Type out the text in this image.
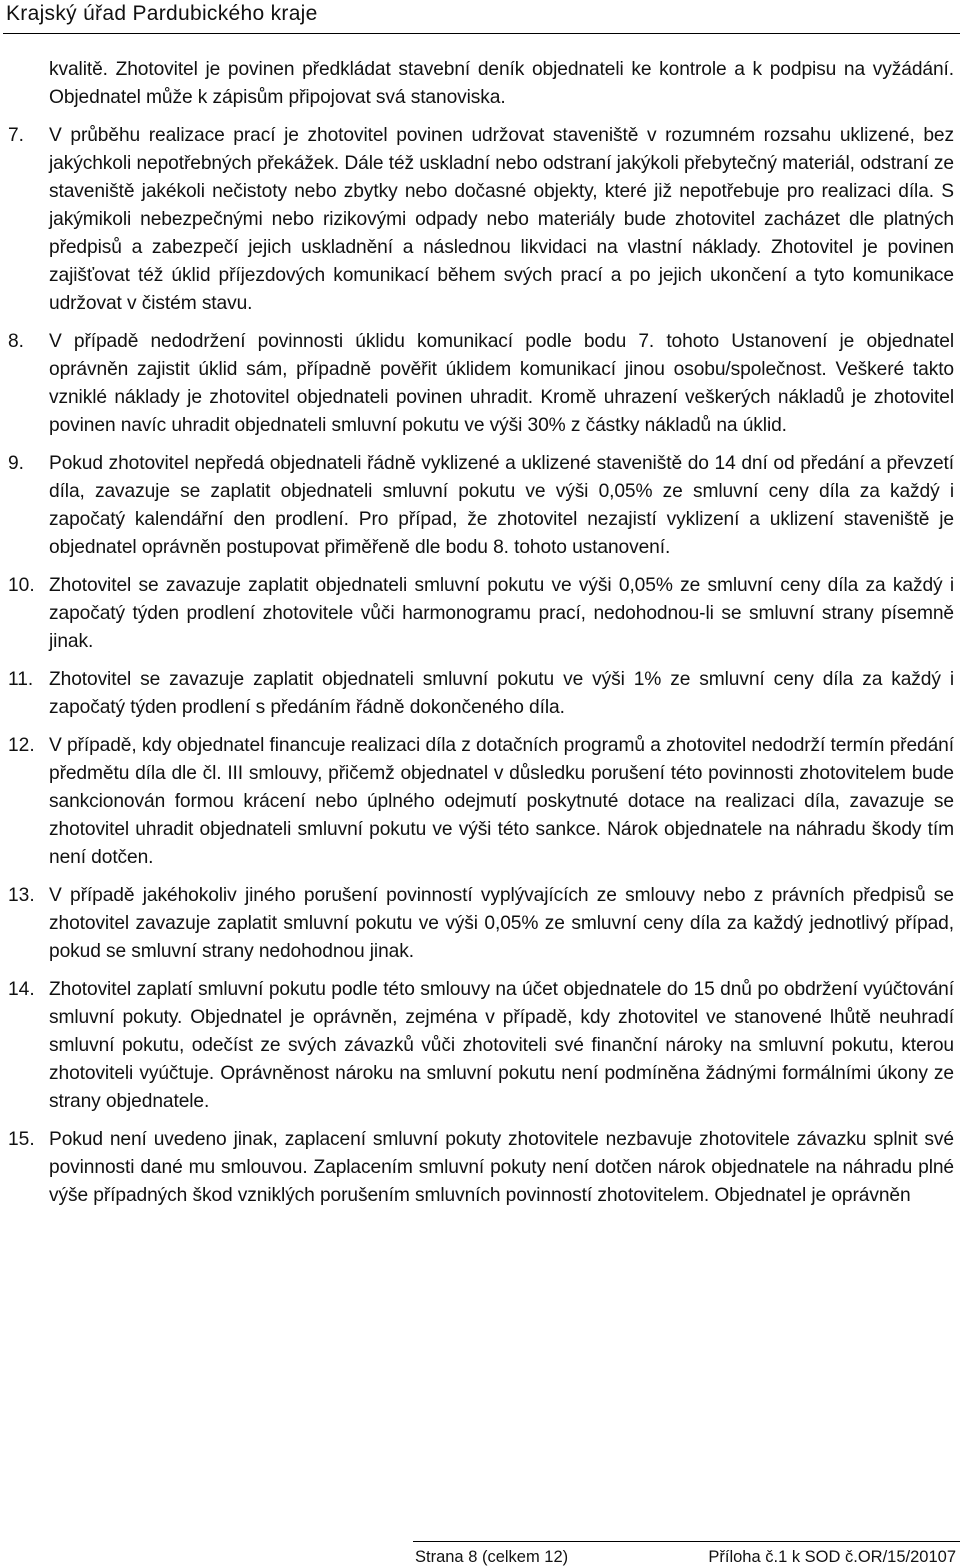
Krajský úřad Pardubického kraje
kvalitě. Zhotovitel je povinen předkládat stavební deník objednateli ke kontrole a k podpisu na vyžádání. Objednatel může k zápisům připojovat svá stanoviska.
7. V průběhu realizace prací je zhotovitel povinen udržovat staveniště v rozumném rozsahu uklizené, bez jakýchkoli nepotřebných překážek. Dále též uskladní nebo odstraní jakýkoli přebytečný materiál, odstraní ze staveniště jakékoli nečistoty nebo zbytky nebo dočasné objekty, které již nepotřebuje pro realizaci díla. S jakýmikoli nebezpečnými nebo rizikovými odpady nebo materiály bude zhotovitel zacházet dle platných předpisů a zabezpečí jejich uskladnění a následnou likvidaci na vlastní náklady. Zhotovitel je povinen zajišťovat též úklid příjezdových komunikací během svých prací a po jejich ukončení a tyto komunikace udržovat v čistém stavu.
8. V případě nedodržení povinnosti úklidu komunikací podle bodu 7. tohoto Ustanovení je objednatel oprávněn zajistit úklid sám, případně pověřit úklidem komunikací jinou osobu/společnost. Veškeré takto vzniklé náklady je zhotovitel objednateli povinen uhradit. Kromě uhrazení veškerých nákladů je zhotovitel povinen navíc uhradit objednateli smluvní pokutu ve výši 30% z částky nákladů na úklid.
9. Pokud zhotovitel nepředá objednateli řádně vyklizené a uklizené staveniště do 14 dní od předání a převzetí díla, zavazuje se zaplatit objednateli smluvní pokutu ve výši 0,05% ze smluvní ceny díla za každý i započatý kalendářní den prodlení. Pro případ, že zhotovitel nezajistí vyklizení a uklizení staveniště je objednatel oprávněn postupovat přiměřeně dle bodu 8. tohoto ustanovení.
10. Zhotovitel se zavazuje zaplatit objednateli smluvní pokutu ve výši 0,05% ze smluvní ceny díla za každý i započatý týden prodlení zhotovitele vůči harmonogramu prací, nedohodnou-li se smluvní strany písemně jinak.
11. Zhotovitel se zavazuje zaplatit objednateli smluvní pokutu ve výši 1% ze smluvní ceny díla za každý i započatý týden prodlení s předáním řádně dokončeného díla.
12. V případě, kdy objednatel financuje realizaci díla z dotačních programů a zhotovitel nedodrží termín předání předmětu díla dle čl. III smlouvy, přičemž objednatel v důsledku porušení této povinnosti zhotovitelem bude sankcionován formou krácení nebo úplného odejmutí poskytnuté dotace na realizaci díla, zavazuje se zhotovitel uhradit objednateli smluvní pokutu ve výši této sankce. Nárok objednatele na náhradu škody tím není dotčen.
13. V případě jakéhokoliv jiného porušení povinností vyplývajících ze smlouvy nebo z právních předpisů se zhotovitel zavazuje zaplatit smluvní pokutu ve výši 0,05% ze smluvní ceny díla za každý jednotlivý případ, pokud se smluvní strany nedohodnou jinak.
14. Zhotovitel zaplatí smluvní pokutu podle této smlouvy na účet objednatele do 15 dnů po obdržení vyúčtování smluvní pokuty. Objednatel je oprávněn, zejména v případě, kdy zhotovitel ve stanovené lhůtě neuhradí smluvní pokutu, odečíst ze svých závazků vůči zhotoviteli své finanční nároky na smluvní pokutu, kterou zhotoviteli vyúčtuje. Oprávněnost nároku na smluvní pokutu není podmíněna žádnými formálními úkony ze strany objednatele.
15. Pokud není uvedeno jinak, zaplacení smluvní pokuty zhotovitele nezbavuje zhotovitele závazku splnit své povinnosti dané mu smlouvou. Zaplacením smluvní pokuty není dotčen nárok objednatele na náhradu plné výše případných škod vzniklých porušením smluvních povinností zhotovitelem. Objednatel je oprávněn
Strana 8 (celkem 12)	Příloha č.1 k SOD č.OR/15/20107
